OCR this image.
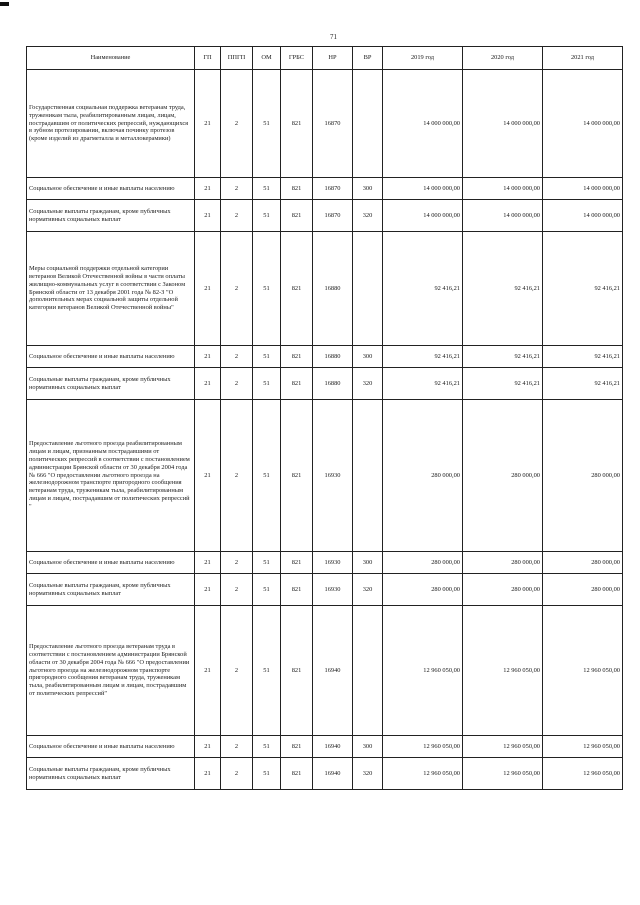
71
Наименование	ГП	ППГП	ОМ	ГРБС	НР	ВР	2019 год	2020 год	2021 год
Государственная социальная поддержка ветеранам труда, труженикам тыла, реабилитированным лицам, лицам, пострадавшим от политических репрессий, нуждающихся в зубном протезировании, включая починку протезов (кроме изделий из драгметалла и металлокерамики)	21	2	51	821	16870		14 000 000,00	14 000 000,00	14 000 000,00
Социальное обеспечение и иные выплаты населению	21	2	51	821	16870	300	14 000 000,00	14 000 000,00	14 000 000,00
Социальные выплаты гражданам, кроме публичных нормативных социальных выплат	21	2	51	821	16870	320	14 000 000,00	14 000 000,00	14 000 000,00
Меры социальной поддержки отдельной категории ветеранов Великой Отечественной войны в части оплаты жилищно-коммунальных услуг в соответствии с Законом Брянской области от 13 декабря 2001 года № 82-З "О дополнительных мерах социальной защиты отдельной категории ветеранов Великой Отечественной войны"	21	2	51	821	16880		92 416,21	92 416,21	92 416,21
Социальное обеспечение и иные выплаты населению	21	2	51	821	16880	300	92 416,21	92 416,21	92 416,21
Социальные выплаты гражданам, кроме публичных нормативных социальных выплат	21	2	51	821	16880	320	92 416,21	92 416,21	92 416,21
Предоставление льготного проезда реабилитированным лицам и лицам, признанным пострадавшими от политических репрессий в соответствии с постановлением администрации Брянской области от 30 декабря 2004 года № 666 "О предоставлении льготного проезда на железнодорожном транспорте пригородного сообщения ветеранам труда, труженикам тыла, реабилитированным лицам и лицам, пострадавшим от политических репрессий "	21	2	51	821	16930		280 000,00	280 000,00	280 000,00
Социальное обеспечение и иные выплаты населению	21	2	51	821	16930	300	280 000,00	280 000,00	280 000,00
Социальные выплаты гражданам, кроме публичных нормативных социальных выплат	21	2	51	821	16930	320	280 000,00	280 000,00	280 000,00
Предоставление льготного проезда ветеранам труда в соответствии с постановлением администрации Брянской области от 30 декабря 2004 года № 666 "О предоставлении льготного проезда на железнодорожном транспорте пригородного сообщения ветеранам труда, труженикам тыла, реабилитированным лицам и лицам, пострадавшим от политических репрессий"	21	2	51	821	16940		12 960 050,00	12 960 050,00	12 960 050,00
Социальное обеспечение и иные выплаты населению	21	2	51	821	16940	300	12 960 050,00	12 960 050,00	12 960 050,00
Социальные выплаты гражданам, кроме публичных нормативных социальных выплат	21	2	51	821	16940	320	12 960 050,00	12 960 050,00	12 960 050,00
